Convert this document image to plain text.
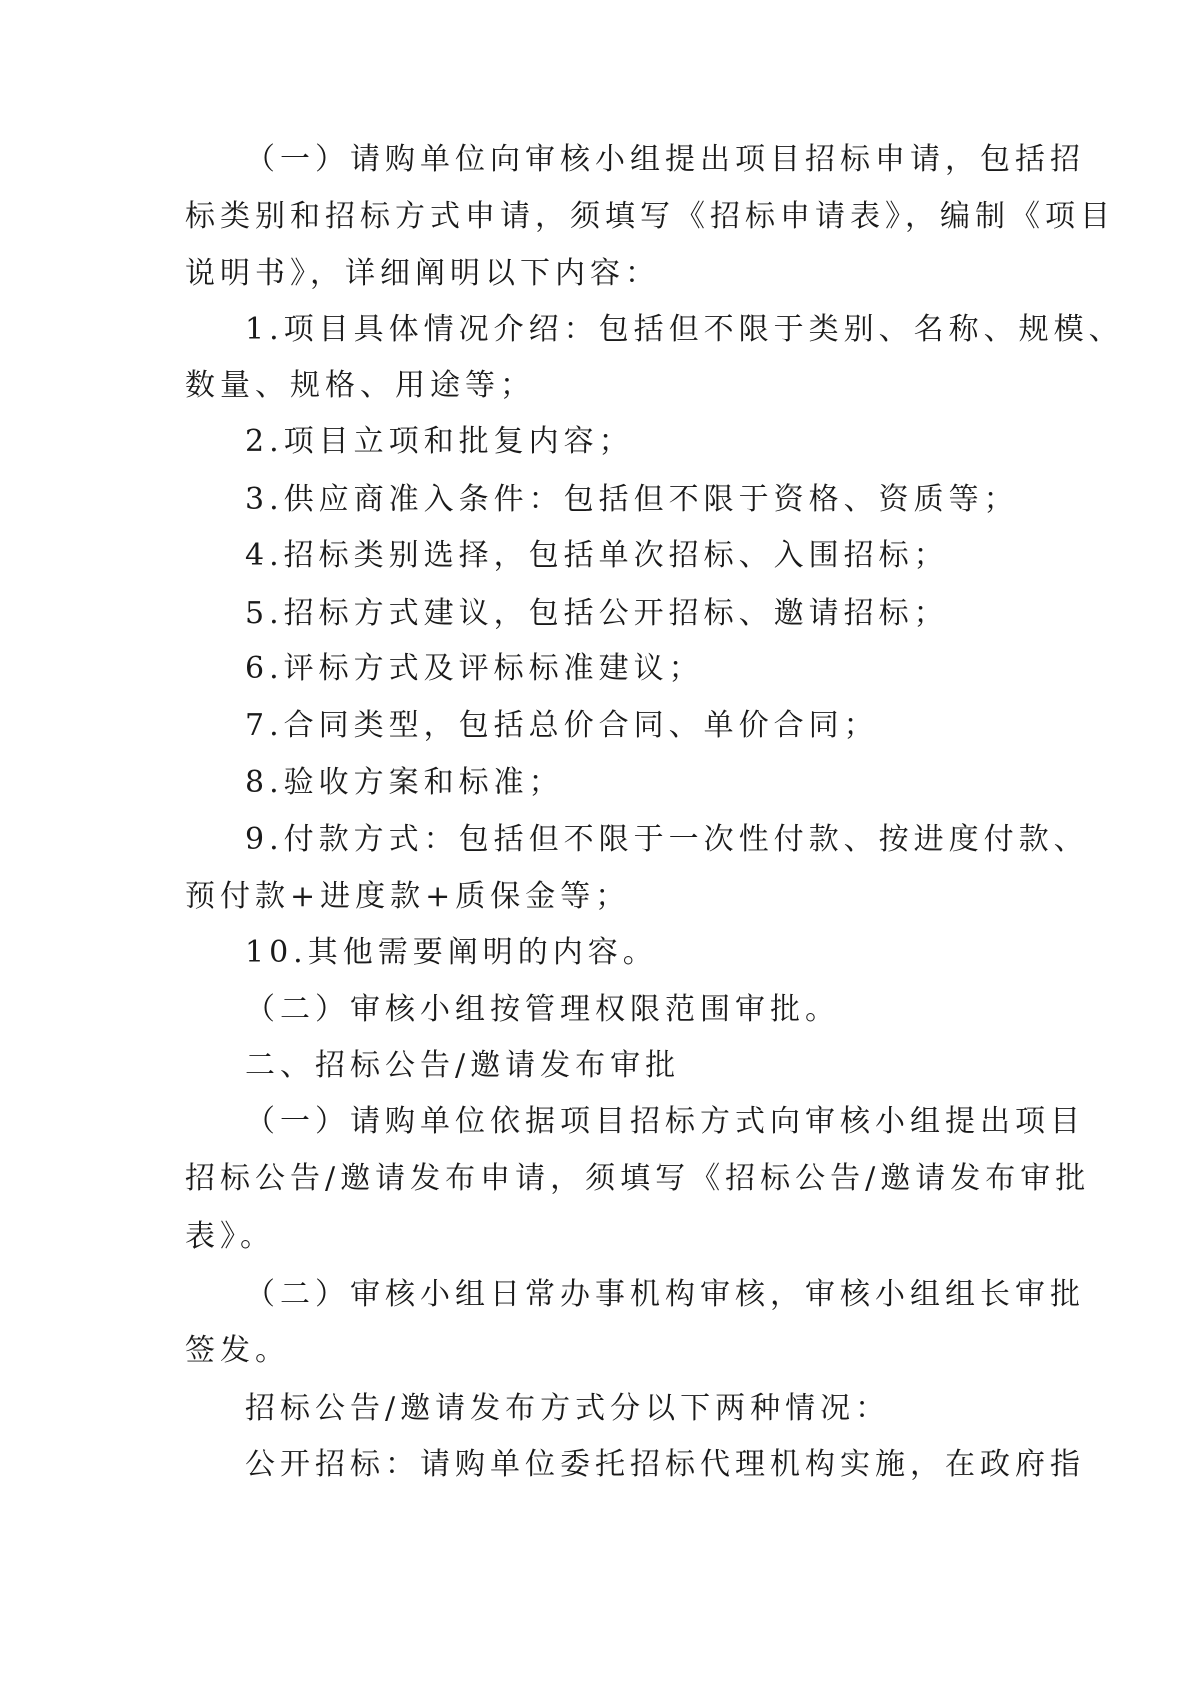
（一）请购单位向审核小组提出项目招标申请，包括招
标类别和招标方式申请，须填写《招标申请表》，编制《项目
说明书》，详细阐明以下内容：
1.项目具体情况介绍：包括但不限于类别、名称、规模、
数量、规格、用途等；
2.项目立项和批复内容；
3.供应商准入条件：包括但不限于资格、资质等；
4.招标类别选择，包括单次招标、入围招标；
5.招标方式建议，包括公开招标、邀请招标；
6.评标方式及评标标准建议；
7.合同类型，包括总价合同、单价合同；
8.验收方案和标准；
9.付款方式：包括但不限于一次性付款、按进度付款、
预付款+进度款+质保金等；
10.其他需要阐明的内容。
（二）审核小组按管理权限范围审批。
二、招标公告/邀请发布审批
（一）请购单位依据项目招标方式向审核小组提出项目
招标公告/邀请发布申请，须填写《招标公告/邀请发布审批
表》。
（二）审核小组日常办事机构审核，审核小组组长审批
签发。
招标公告/邀请发布方式分以下两种情况：
公开招标：请购单位委托招标代理机构实施，在政府指
